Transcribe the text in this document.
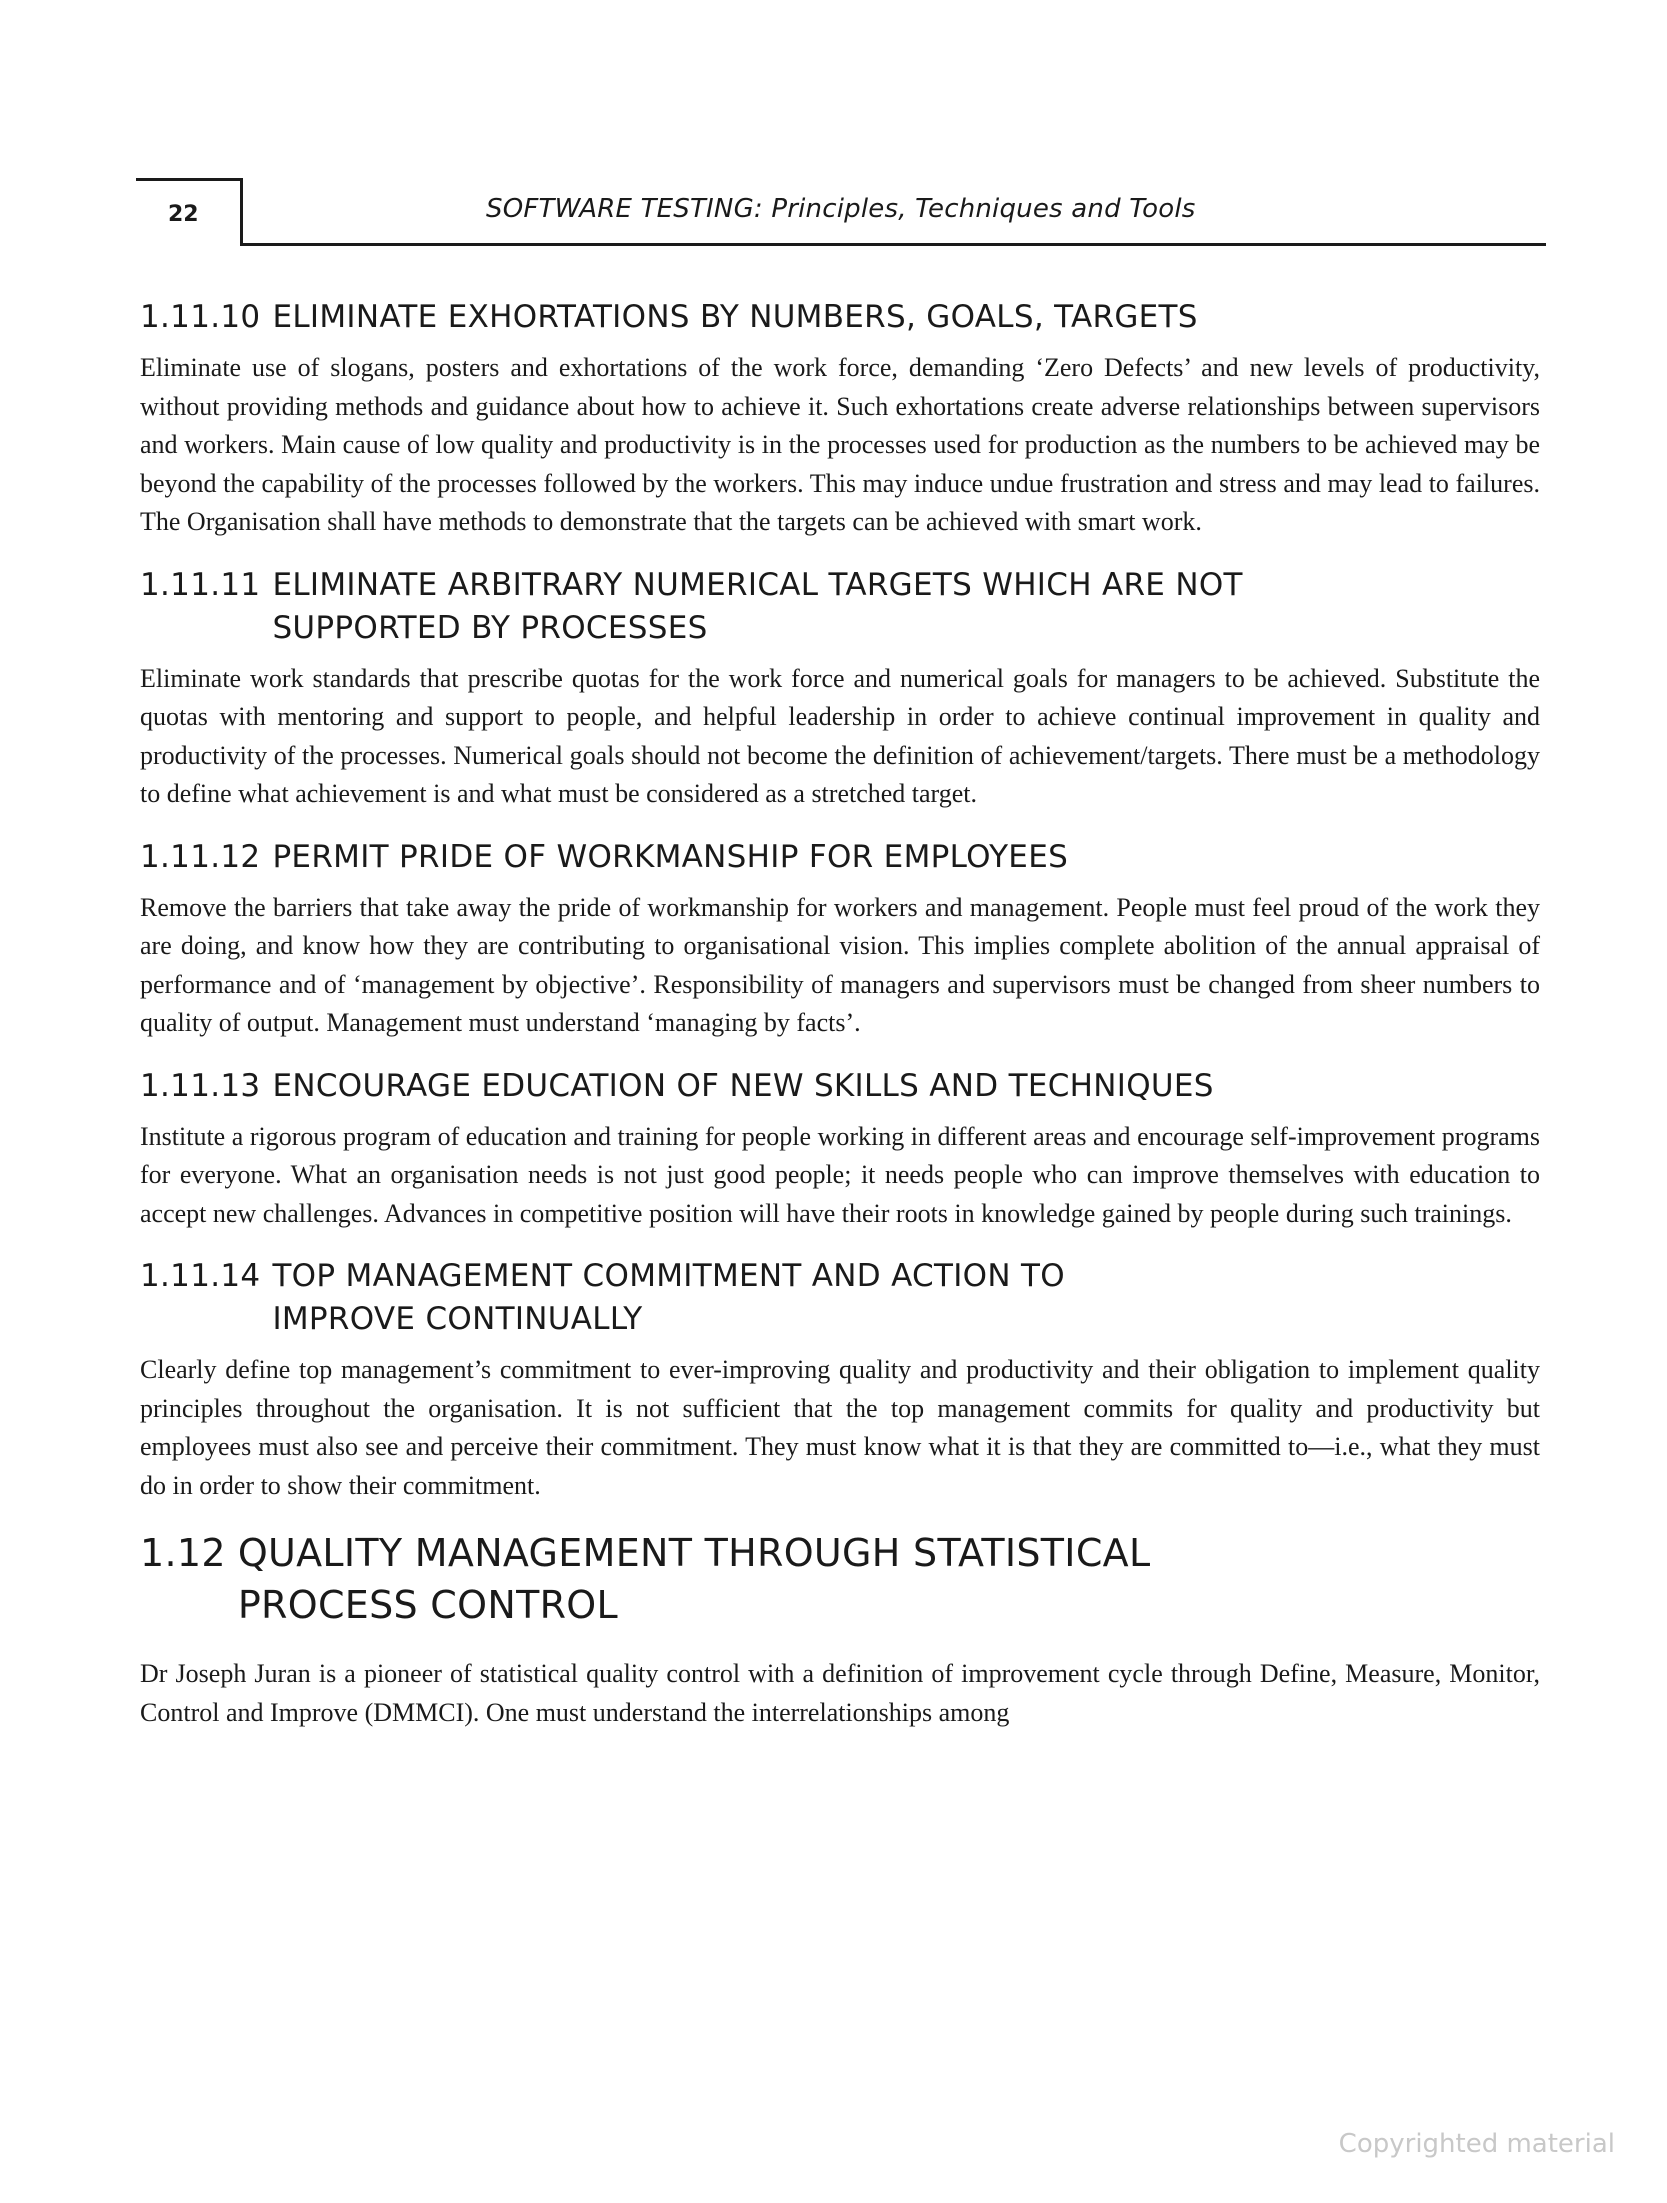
22	SOFTWARE TESTING: Principles, Techniques and Tools
1.11.10 ELIMINATE EXHORTATIONS BY NUMBERS, GOALS, TARGETS

Eliminate use of slogans, posters and exhortations of the work force, demanding ‘Zero Defects’ and new levels of productivity, without providing methods and guidance about how to achieve it. Such exhortations create adverse relationships between supervisors and workers. Main cause of low quality and productivity is in the processes used for production as the numbers to be achieved may be beyond the capability of the processes followed by the workers. This may induce undue frustration and stress and may lead to failures. The Organisation shall have methods to demonstrate that the targets can be achieved with smart work.

1.11.11 ELIMINATE ARBITRARY NUMERICAL TARGETS WHICH ARE NOT SUPPORTED BY PROCESSES

Eliminate work standards that prescribe quotas for the work force and numerical goals for managers to be achieved. Substitute the quotas with mentoring and support to people, and helpful leadership in order to achieve continual improvement in quality and productivity of the processes. Numerical goals should not become the definition of achievement/targets. There must be a methodology to define what achievement is and what must be considered as a stretched target.

1.11.12 PERMIT PRIDE OF WORKMANSHIP FOR EMPLOYEES

Remove the barriers that take away the pride of workmanship for workers and management. People must feel proud of the work they are doing, and know how they are contributing to organisational vision. This implies complete abolition of the annual appraisal of performance and of ‘management by objective’. Responsibility of managers and supervisors must be changed from sheer numbers to quality of output. Management must understand ‘managing by facts’.

1.11.13 ENCOURAGE EDUCATION OF NEW SKILLS AND TECHNIQUES

Institute a rigorous program of education and training for people working in different areas and encourage self-improvement programs for everyone. What an organisation needs is not just good people; it needs people who can improve themselves with education to accept new challenges. Advances in competitive position will have their roots in knowledge gained by people during such trainings.

1.11.14 TOP MANAGEMENT COMMITMENT AND ACTION TO IMPROVE CONTINUALLY

Clearly define top management’s commitment to ever-improving quality and productivity and their obligation to implement quality principles throughout the organisation. It is not sufficient that the top management commits for quality and productivity but employees must also see and perceive their commitment. They must know what it is that they are committed to—i.e., what they must do in order to show their commitment.

1.12 QUALITY MANAGEMENT THROUGH STATISTICAL PROCESS CONTROL

Dr Joseph Juran is a pioneer of statistical quality control with a definition of improvement cycle through Define, Measure, Monitor, Control and Improve (DMMCI). One must understand the interrelationships among

Copyrighted material
